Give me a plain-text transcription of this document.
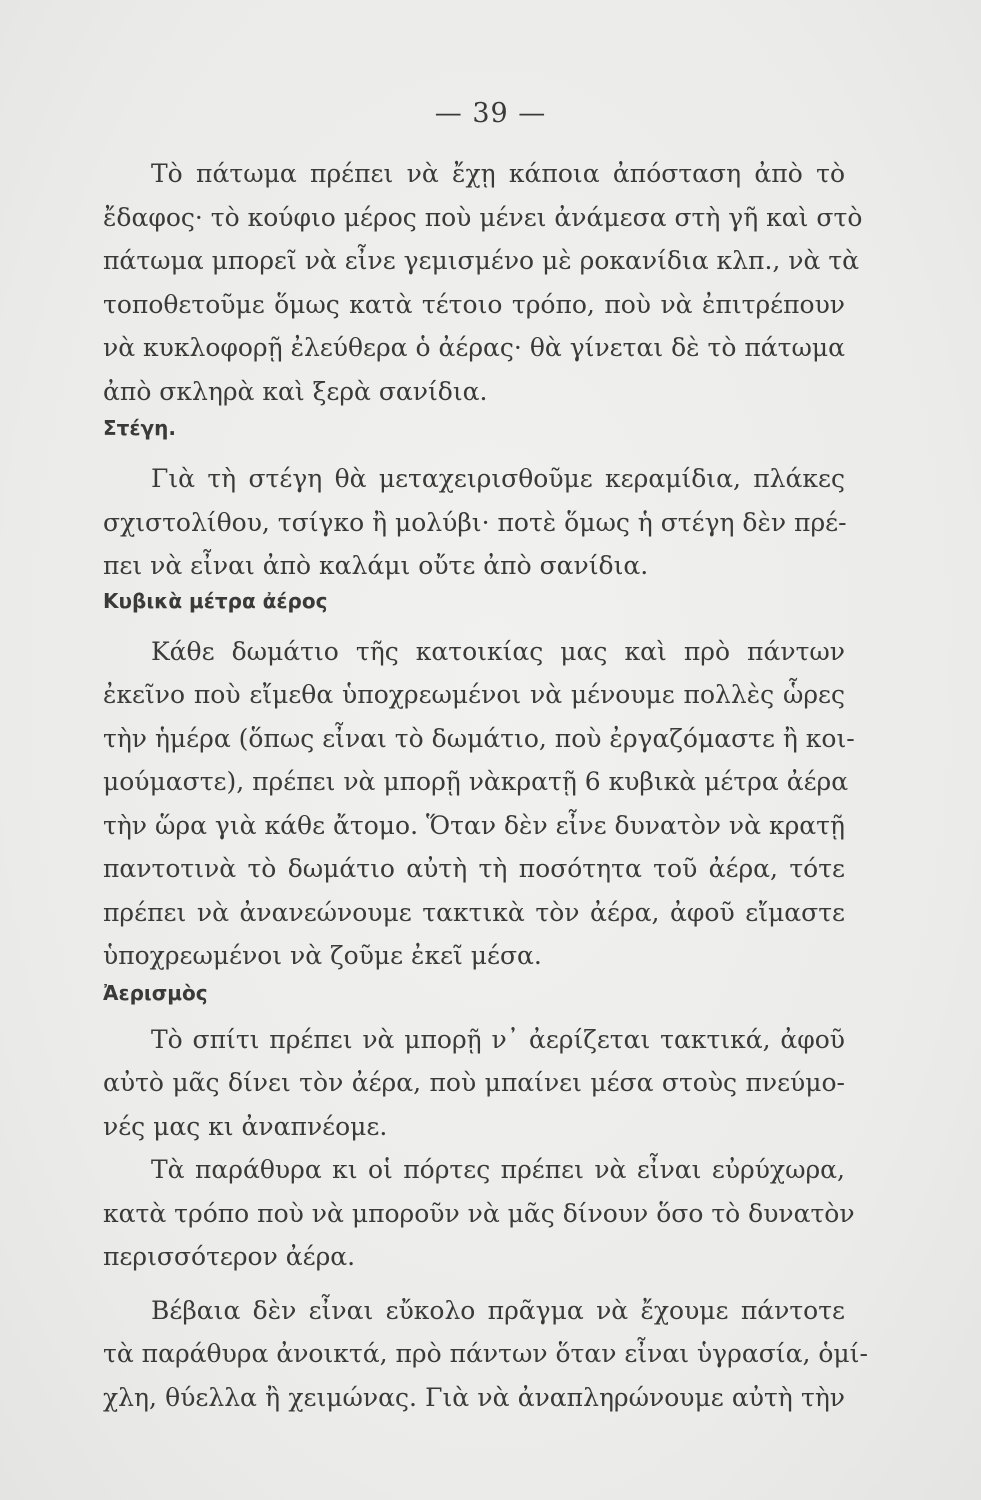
— 39 —

Τὸ πάτωμα πρέπει νὰ ἔχῃ κάποια ἀπόσταση ἀπὸ τὸ
ἔδαφος· τὸ κούφιο μέρος ποὺ μένει ἀνάμεσα στὴ γῆ καὶ στὸ
πάτωμα μπορεῖ νὰ εἶνε γεμισμένο μὲ ροκανίδια κλπ., νὰ τὰ
τοποθετοῦμε ὅμως κατὰ τέτοιο τρόπο, ποὺ νὰ ἐπιτρέπουν
νὰ κυκλοφορῇ ἐλεύθερα ὁ ἀέρας· θὰ γίνεται δὲ τὸ πάτωμα
ἀπὸ σκληρὰ καὶ ξερὰ σανίδια.

Στέγη.

Γιὰ τὴ στέγη θὰ μεταχειρισθοῦμε κεραμίδια, πλάκες
σχιστολίθου, τσίγκο ἢ μολύβι· ποτὲ ὅμως ἡ στέγη δὲν πρέ-
πει νὰ εἶναι ἀπὸ καλάμι οὔτε ἀπὸ σανίδια.

Κυβικὰ μέτρα ἀέρος

Κάθε δωμάτιο τῆς κατοικίας μας καὶ πρὸ πάντων
ἐκεῖνο ποὺ εἴμεθα ὑποχρεωμένοι νὰ μένουμε πολλὲς ὧρες
τὴν ἡμέρα (ὅπως εἶναι τὸ δωμάτιο, ποὺ ἐργαζόμαστε ἢ κοι-
μούμαστε), πρέπει νὰ μπορῇ νὰκρατῇ 6 κυβικὰ μέτρα ἀέρα
τὴν ὥρα γιὰ κάθε ἄτομο. Ὅταν δὲν εἶνε δυνατὸν νὰ κρατῇ
παντοτινὰ τὸ δωμάτιο αὐτὴ τὴ ποσότητα τοῦ ἀέρα, τότε
πρέπει νὰ ἀνανεώνουμε τακτικὰ τὸν ἀέρα, ἀφοῦ εἴμαστε
ὑποχρεωμένοι νὰ ζοῦμε ἐκεῖ μέσα.

Ἀερισμὸς

Τὸ σπίτι πρέπει νὰ μπορῇ ν᾽ ἀερίζεται τακτικά, ἀφοῦ
αὐτὸ μᾶς δίνει τὸν ἀέρα, ποὺ μπαίνει μέσα στοὺς πνεύμο-
νές μας κι ἀναπνέομε.

Τὰ παράθυρα κι οἱ πόρτες πρέπει νὰ εἶναι εὐρύχωρα,
κατὰ τρόπο ποὺ νὰ μποροῦν νὰ μᾶς δίνουν ὅσο τὸ δυνατὸν
περισσότερον ἀέρα.

Βέβαια δὲν εἶναι εὔκολο πρᾶγμα νὰ ἔχουμε πάντοτε
τὰ παράθυρα ἀνοικτά, πρὸ πάντων ὅταν εἶναι ὑγρασία, ὁμί-
χλη, θύελλα ἢ χειμώνας. Γιὰ νὰ ἀναπληρώνουμε αὐτὴ τὴν
